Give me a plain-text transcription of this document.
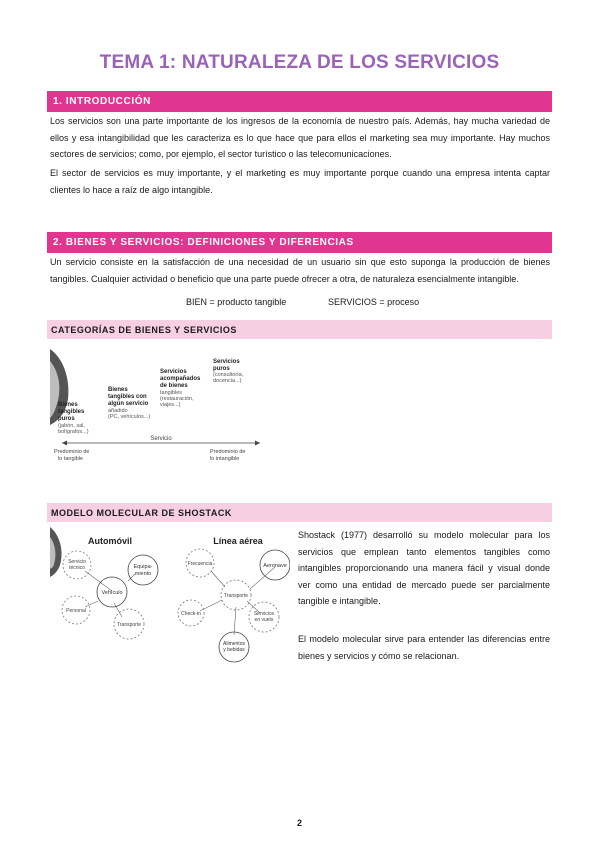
TEMA 1: NATURALEZA DE LOS SERVICIOS
1. INTRODUCCIÓN
Los servicios son una parte importante de los ingresos de la economía de nuestro país. Además, hay mucha variedad de ellos y esa intangibilidad que les caracteriza es lo que hace que para ellos el marketing sea muy importante. Hay muchos sectores de servicios; como, por ejemplo, el sector turístico o las telecomunicaciones.
El sector de servicios es muy importante, y el marketing es muy importante porque cuando una empresa intenta captar clientes lo hace a raíz de algo intangible.
2. BIENES Y SERVICIOS: DEFINICIONES Y DIFERENCIAS
Un servicio consiste en la satisfacción de una necesidad de un usuario sin que esto suponga la producción de bienes tangibles. Cualquier actividad o beneficio que una parte puede ofrecer a otra, de naturaleza esencialmente intangible.
BIEN = producto tangible	SERVICIOS = proceso
CATEGORÍAS DE BIENES Y SERVICIOS
Bienes
tangibles
puros
(jabón, sal,
bolígrafos...)
Bienes
tangibles con
algún servicio
añadido
(PC, vehículos...)
Servicios
acompañados
de bienes
tangibles
(restauración,
viajes...)
Servicios
puros
(consultoría,
docencia...)
Servicio
Predominio de
lo tangible
Predominio de
lo intangible
MODELO MOLECULAR DE SHOSTACK
Automóvil
Servicio
técnico	Equipa-
miento
Vehículo
Personal
Transporte
Línea aérea
Frecuencia	Aeronave
Transporte
Check-in	Servicios
en vuelo
Alimentos
y bebidas
Shostack (1977) desarrolló su modelo molecular para los servicios que emplean tanto elementos tangibles como intangibles proporcionando una manera fácil y visual donde ver como una entidad de mercado puede ser parcialmente tangible e intangible.
El modelo molecular sirve para entender las diferencias entre bienes y servicios y cómo se relacionan.
2
